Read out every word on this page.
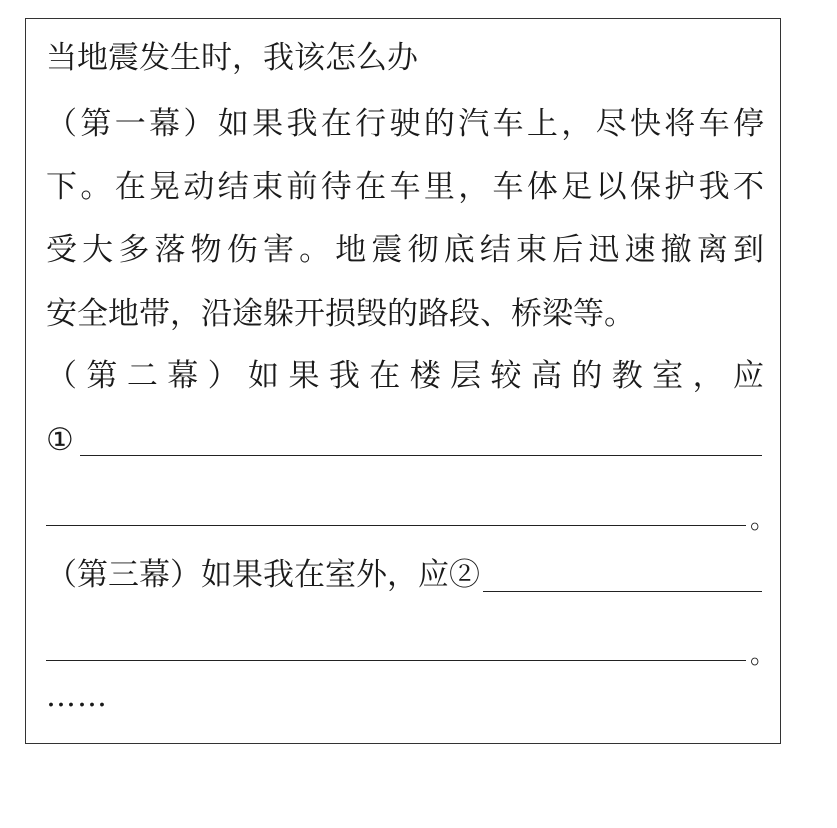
当地震发生时，我该怎么办
（第一幕）如果我在行驶的汽车上，尽快将车停
下。在晃动结束前待在车里，车体足以保护我不
受大多落物伤害。地震彻底结束后迅速撤离到
安全地带，沿途躲开损毁的路段、桥梁等。
（第二幕）如果我在楼层较高的教室，应
①
。
（第三幕）如果我在室外，应②
。
……
